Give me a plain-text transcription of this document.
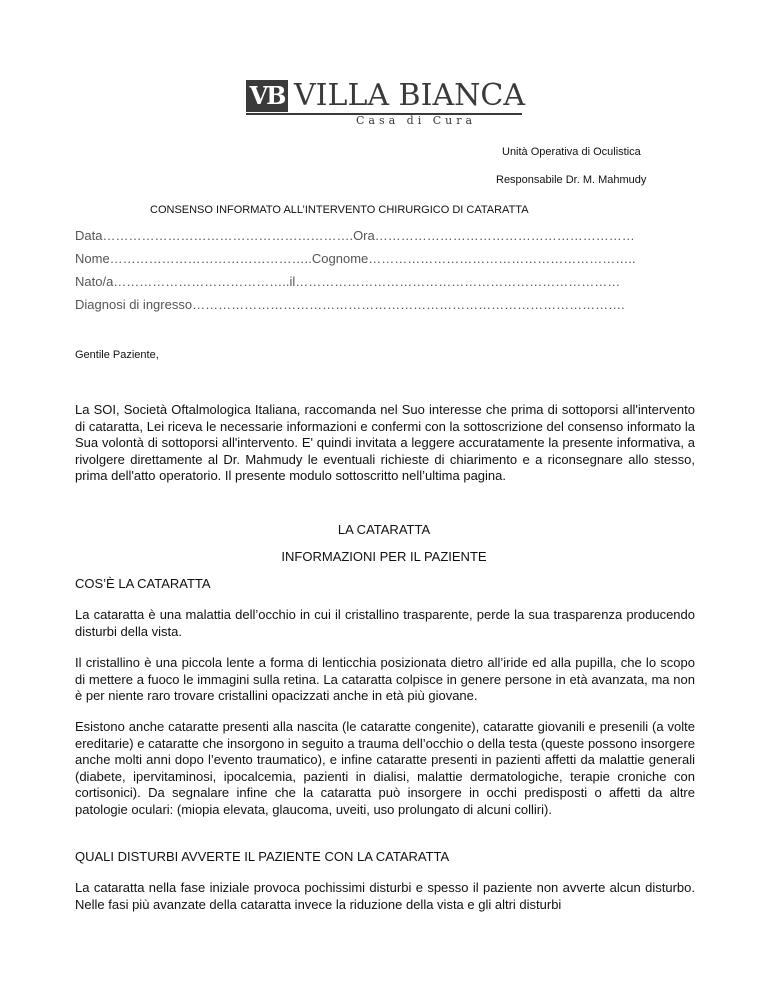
VB VILLA BIANCA
Casa di Cura
Unità Operativa di Oculistica
Responsabile Dr. M. Mahmudy
CONSENSO INFORMATO ALL’INTERVENTO CHIRURGICO DI CATARATTA
Data………………………………………………….Ora……………………………………………………
Nome………………………………………..Cognome……………………………………………………..
Nato/a…………………………………..il…………………………………………………………………
Diagnosi di ingresso……………………………………………………………………………………….
Gentile Paziente,
La SOI, Società Oftalmologica Italiana, raccomanda nel Suo interesse che prima di sottoporsi all'intervento di cataratta, Lei riceva le necessarie informazioni e confermi con la sottoscrizione del consenso informato la Sua volontà di sottoporsi all'intervento. E' quindi invitata a leggere accuratamente la presente informativa, a rivolgere direttamente al Dr. Mahmudy le eventuali richieste di chiarimento e a riconsegnare allo stesso, prima dell'atto operatorio. Il presente modulo sottoscritto nell’ultima pagina.
LA CATARATTA
INFORMAZIONI PER IL PAZIENTE
COS’È LA CATARATTA
La cataratta è una malattia dell’occhio in cui il cristallino trasparente, perde la sua trasparenza producendo disturbi della vista.
Il cristallino è una piccola lente a forma di lenticchia posizionata dietro all’iride ed alla pupilla, che lo scopo di mettere a fuoco le immagini sulla retina. La cataratta colpisce in genere persone in età avanzata, ma non è per niente raro trovare cristallini opacizzati anche in età più giovane.
Esistono anche cataratte presenti alla nascita (le cataratte congenite), cataratte giovanili e presenili (a volte ereditarie) e cataratte che insorgono in seguito a trauma dell’occhio o della testa (queste possono insorgere anche molti anni dopo l’evento traumatico), e infine cataratte presenti in pazienti affetti da malattie generali (diabete, ipervitaminosi, ipocalcemia, pazienti in dialisi, malattie dermatologiche, terapie croniche con cortisonici). Da segnalare infine che la cataratta può insorgere in occhi predisposti o affetti da altre patologie oculari: (miopia elevata, glaucoma, uveiti, uso prolungato di alcuni colliri).
QUALI DISTURBI AVVERTE IL PAZIENTE CON LA CATARATTA
La cataratta nella fase iniziale provoca pochissimi disturbi e spesso il paziente non avverte alcun disturbo. Nelle fasi più avanzate della cataratta invece la riduzione della vista e gli altri disturbi
